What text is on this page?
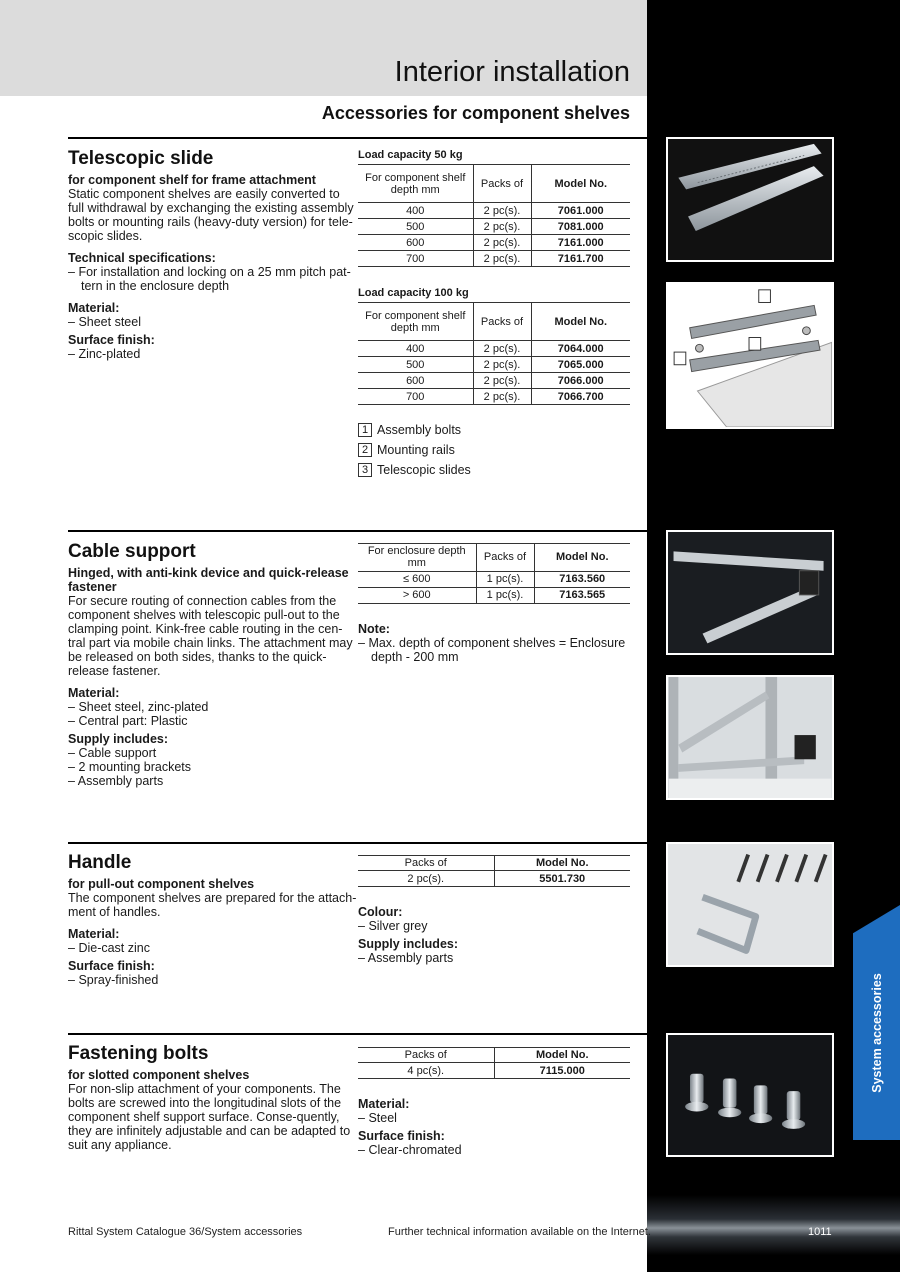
Interior installation
Accessories for component shelves
System accessories
Telescopic slide
for component shelf for frame attachment

Static component shelves are easily converted to full withdrawal by exchanging the existing assembly bolts or mounting rails (heavy-duty version) for tele-scopic slides.

Technical specifications:
– For installation and locking on a 25 mm pitch pat-tern in the enclosure depth
Material:
– Sheet steel
Surface finish:
– Zinc-plated
Load capacity 50 kg
For component shelf depth mm	Packs of	Model No.
400	2 pc(s).	7061.000
500	2 pc(s).	7081.000
600	2 pc(s).	7161.000
700	2 pc(s).	7161.700
Load capacity 100 kg
For component shelf depth mm	Packs of	Model No.
400	2 pc(s).	7064.000
500	2 pc(s).	7065.000
600	2 pc(s).	7066.000
700	2 pc(s).	7066.700
1 Assembly bolts
2 Mounting rails
3 Telescopic slides
Cable support
Hinged, with anti-kink device and quick-release fastener

For secure routing of connection cables from the component shelves with telescopic pull-out to the clamping point. Kink-free cable routing in the cen-tral part via mobile chain links. The attachment may be released on both sides, thanks to the quick-release fastener.

Material:
– Sheet steel, zinc-plated
– Central part: Plastic
Supply includes:
– Cable support
– 2 mounting brackets
– Assembly parts
For enclosure depth mm	Packs of	Model No.
≤ 600	1 pc(s).	7163.560
> 600	1 pc(s).	7163.565
Note:
– Max. depth of component shelves = Enclosure depth - 200 mm
Handle
for pull-out component shelves

The component shelves are prepared for the attach-ment of handles.

Material:
– Die-cast zinc
Surface finish:
– Spray-finished
Packs of	Model No.
2 pc(s).	5501.730
Colour:
– Silver grey
Supply includes:
– Assembly parts
Fastening bolts
for slotted component shelves

For non-slip attachment of your components. The bolts are screwed into the longitudinal slots of the component shelf support surface. Conse-quently, they are infinitely adjustable and can be adapted to suit any appliance.

Packs of	Model No.
4 pc(s).	7115.000
Material:
– Steel
Surface finish:
– Clear-chromated
Rittal System Catalogue 36/System accessories	Further technical information available on the Internet.	1011
